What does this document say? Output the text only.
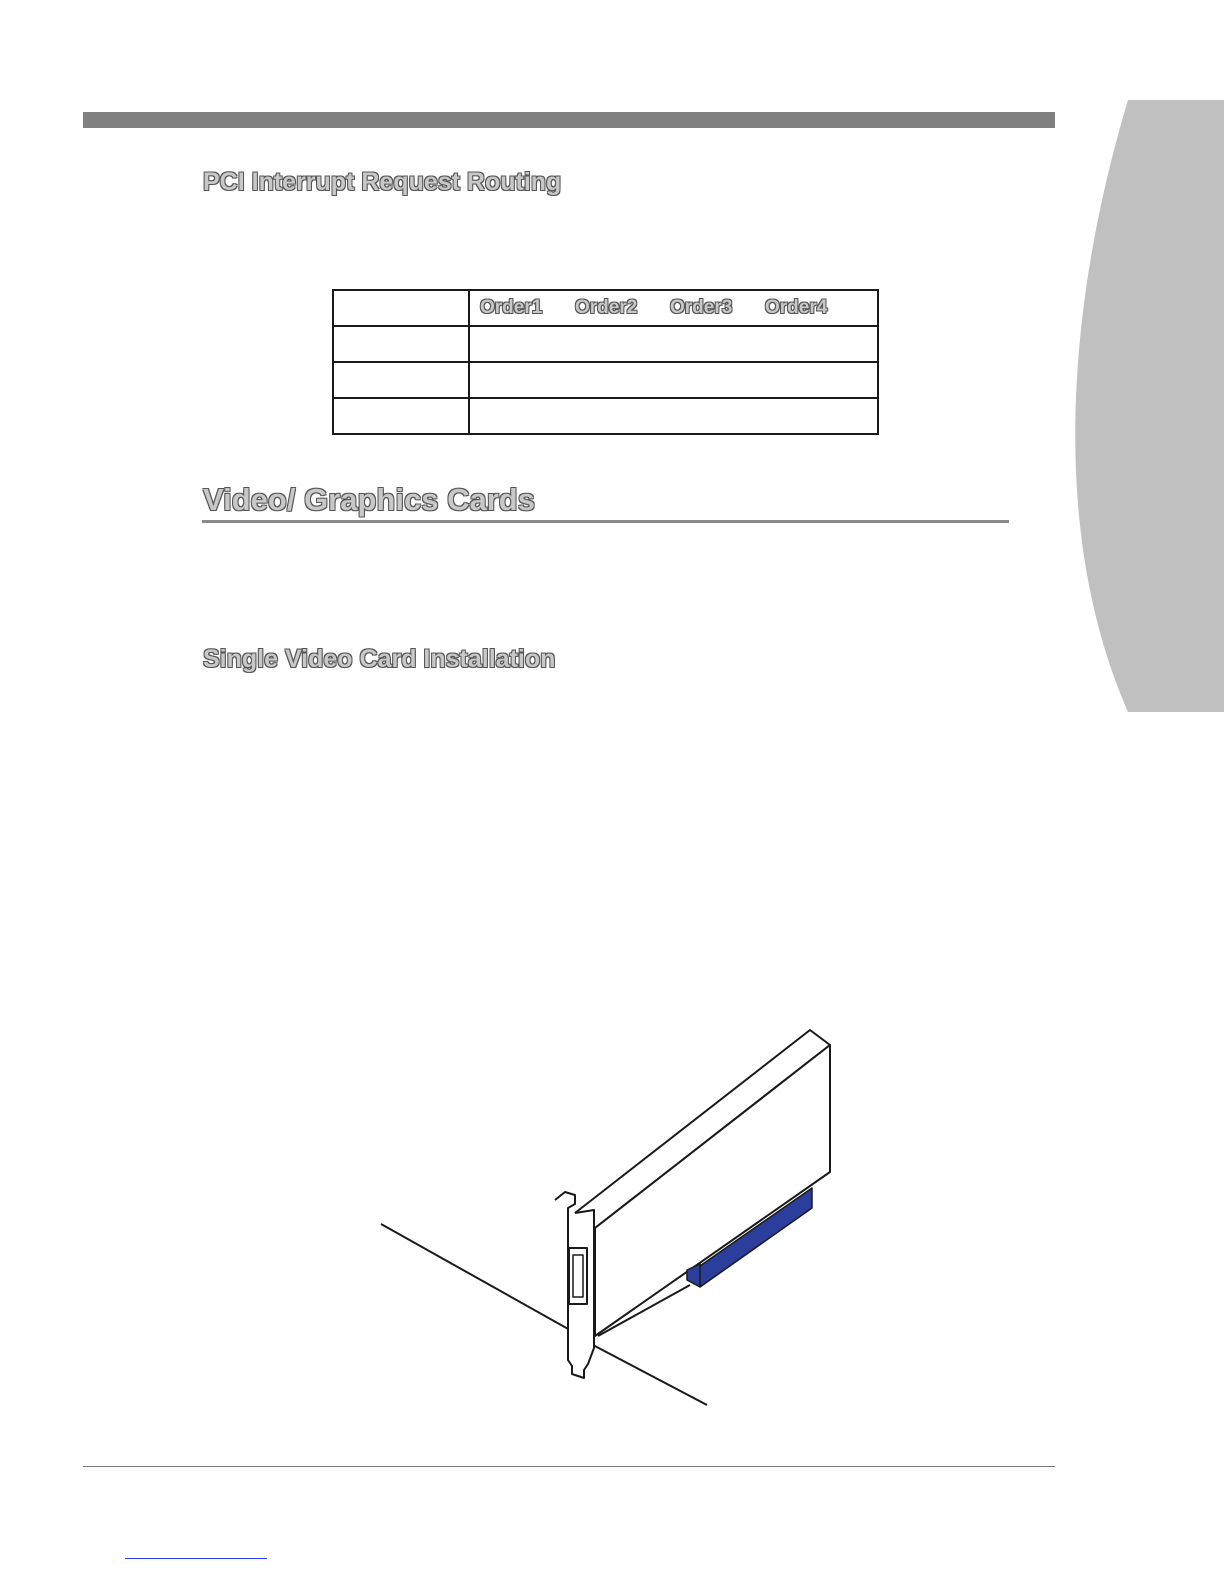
PCI Interrupt Request Routing

	Order1 Order2 Order3 Order4

Video/ Graphics Cards
Single Video Card Installation
